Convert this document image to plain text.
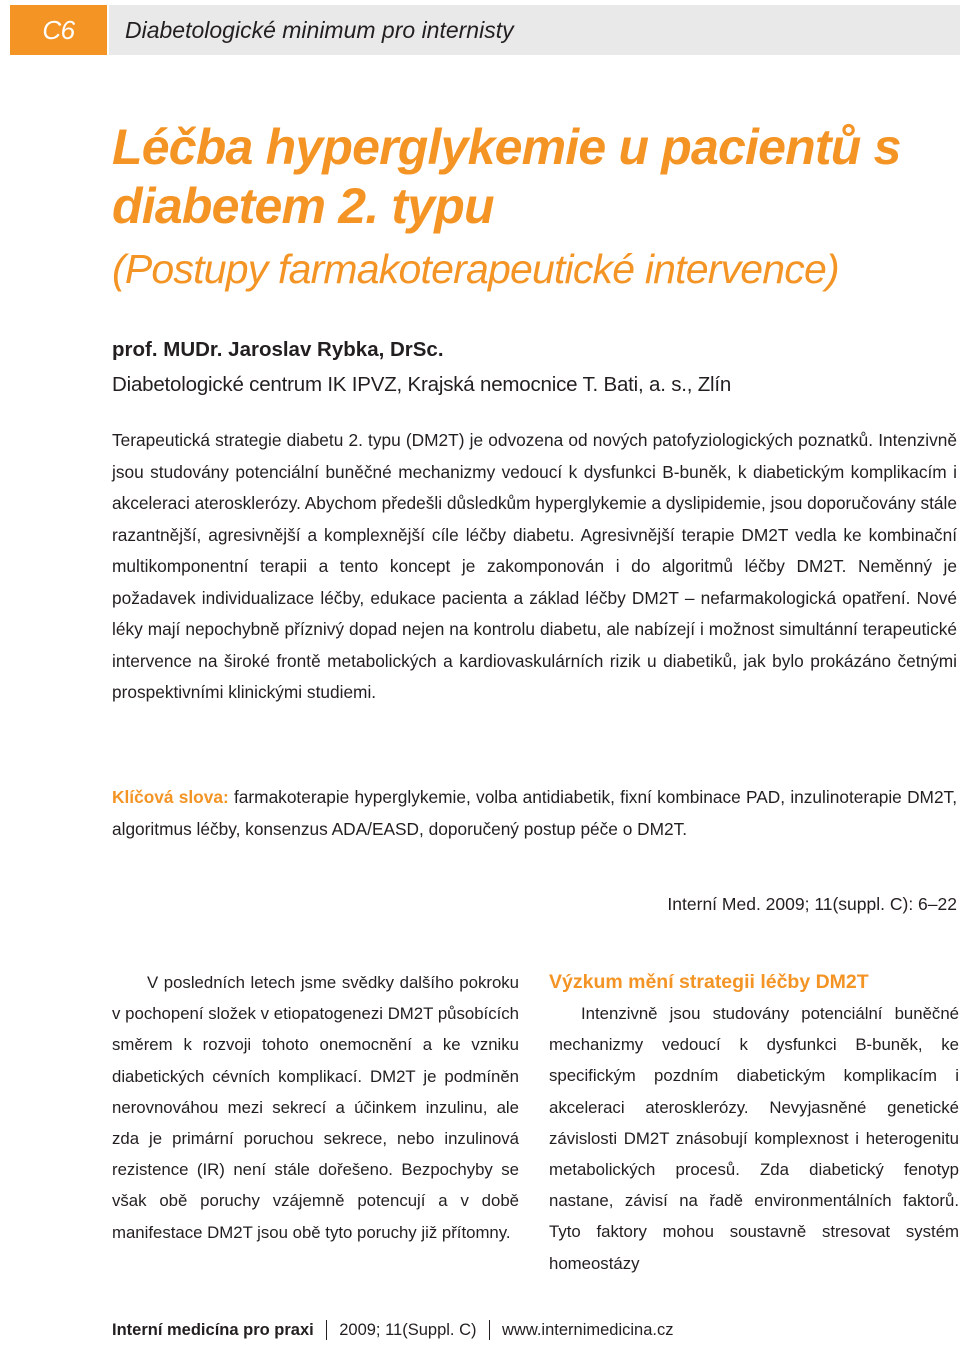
C6	Diabetologické minimum pro internisty
Léčba hyperglykemie u pacientů s diabetem 2. typu
(Postupy farmakoterapeutické intervence)
prof. MUDr. Jaroslav Rybka, DrSc.
Diabetologické centrum IK IPVZ, Krajská nemocnice T. Bati, a. s., Zlín

Terapeutická strategie diabetu 2. typu (DM2T) je odvozena od nových patofyziologických poznatků. Intenzivně jsou studovány potenciální buněčné mechanizmy vedoucí k dysfunkci B-buněk, k diabetickým komplikacím i akceleraci aterosklerózy. Abychom předešli důsledkům hyperglykemie a dyslipidemie, jsou doporučovány stále razantnější, agresivnější a komplexnější cíle léčby diabetu. Agresivnější terapie DM2T vedla ke kombinační multikomponentní terapii a tento koncept je zakomponován i do algoritmů léčby DM2T. Neměnný je požadavek individualizace léčby, edukace pacienta a základ léčby DM2T – nefarmakologická opatření. Nové léky mají nepochybně příznivý dopad nejen na kontrolu diabetu, ale nabízejí i možnost simultánní terapeutické intervence na široké frontě metabolických a kardiovaskulárních rizik u diabetiků, jak bylo prokázáno četnými prospektivními klinickými studiemi.

Klíčová slova: farmakoterapie hyperglykemie, volba antidiabetik, fixní kombinace PAD, inzulinoterapie DM2T, algoritmus léčby, konsenzus ADA/EASD, doporučený postup péče o DM2T.
Interní Med. 2009; 11(suppl. C): 6–22
V posledních letech jsme svědky dalšího pokroku v pochopení složek v etiopatogenezi DM2T působících směrem k rozvoji tohoto onemocnění a ke vzniku diabetických cévních komplikací. DM2T je podmíněn nerovnováhou mezi sekrecí a účinkem inzulinu, ale zda je primární poruchou sekrece, nebo inzulinová rezistence (IR) není stále dořešeno. Bezpochyby se však obě poruchy vzájemně potencují a v době manifestace DM2T jsou obě tyto poruchy již přítomny.
Výzkum mění strategii léčby DM2T
Intenzivně jsou studovány potenciální buněčné mechanizmy vedoucí k dysfunkci B-buněk, ke specifickým pozdním diabetickým komplikacím i akceleraci aterosklerózy. Nevyjasněné genetické závislosti DM2T znásobují komplexnost i heterogenitu metabolických procesů. Zda diabetický fenotyp nastane, závisí na řadě environmentálních faktorů. Tyto faktory mohou soustavně stresovat systém homeostázy
Interní medicína pro praxi 2009; 11(Suppl. C) www.internimedicina.cz
